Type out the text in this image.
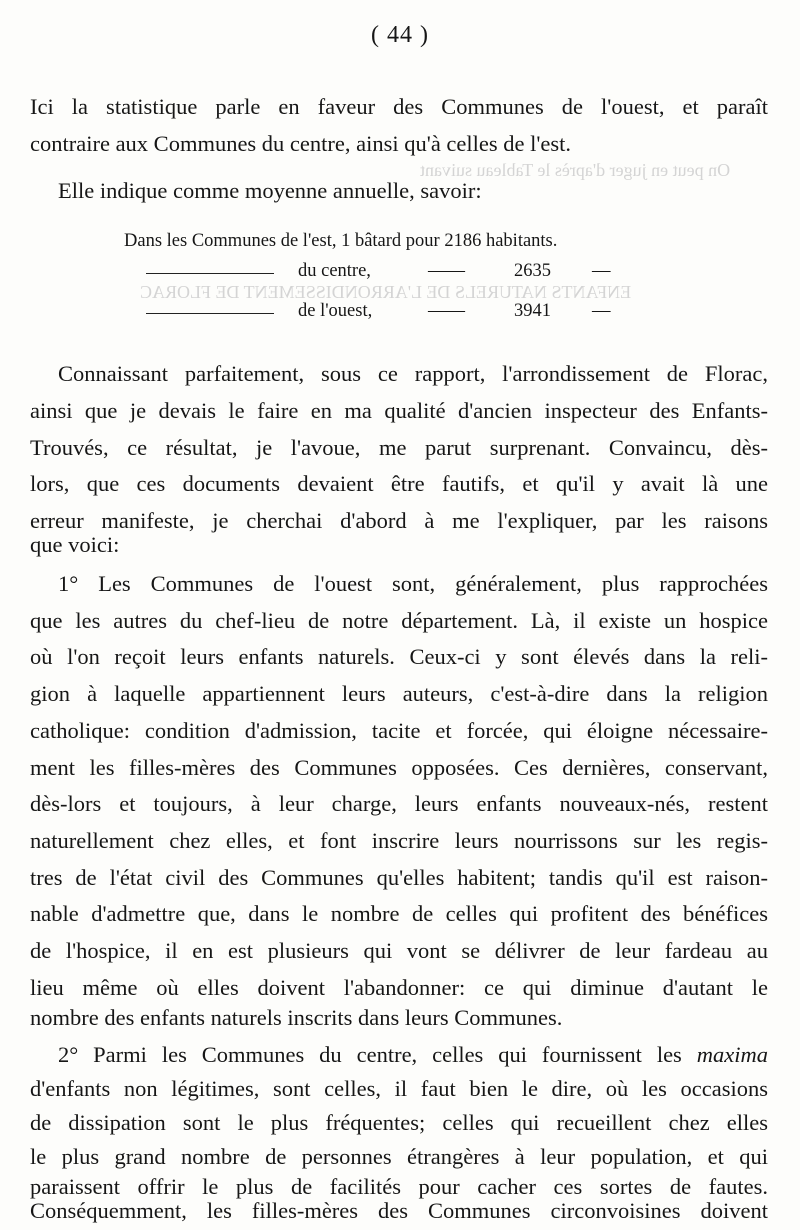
ENFANTS NATURELS DE L'ARRONDISSEMENT DE FLORAC
On peut en juger d'après le Tableau suivant
( 44 )
Ici la statistique parle en faveur des Communes de l'ouest, et paraît
contraire aux Communes du centre, ainsi qu'à celles de l'est.
Elle indique comme moyenne annuelle, savoir:
Dans les Communes de l'est, 1 bâtard pour 2186 habitants.
du centre,	——	2635 —
de l'ouest,	——	3941 —
Connaissant parfaitement, sous ce rapport, l'arrondissement de Florac,
ainsi que je devais le faire en ma qualité d'ancien inspecteur des Enfants-
Trouvés, ce résultat, je l'avoue, me parut surprenant. Convaincu, dès-
lors, que ces documents devaient être fautifs, et qu'il y avait là une
erreur manifeste, je cherchai d'abord à me l'expliquer, par les raisons
que voici:
1° Les Communes de l'ouest sont, généralement, plus rapprochées
que les autres du chef-lieu de notre département. Là, il existe un hospice
où l'on reçoit leurs enfants naturels. Ceux-ci y sont élevés dans la reli-
gion à laquelle appartiennent leurs auteurs, c'est-à-dire dans la religion
catholique: condition d'admission, tacite et forcée, qui éloigne nécessaire-
ment les filles-mères des Communes opposées. Ces dernières, conservant,
dès-lors et toujours, à leur charge, leurs enfants nouveaux-nés, restent
naturellement chez elles, et font inscrire leurs nourrissons sur les regis-
tres de l'état civil des Communes qu'elles habitent; tandis qu'il est raison-
nable d'admettre que, dans le nombre de celles qui profitent des bénéfices
de l'hospice, il en est plusieurs qui vont se délivrer de leur fardeau au
lieu même où elles doivent l'abandonner: ce qui diminue d'autant le
nombre des enfants naturels inscrits dans leurs Communes.
2° Parmi les Communes du centre, celles qui fournissent les maxima
d'enfants non légitimes, sont celles, il faut bien le dire, où les occasions
de dissipation sont le plus fréquentes; celles qui recueillent chez elles
le plus grand nombre de personnes étrangères à leur population, et qui
paraissent offrir le plus de facilités pour cacher ces sortes de fautes.
Conséquemment, les filles-mères des Communes circonvoisines doivent
